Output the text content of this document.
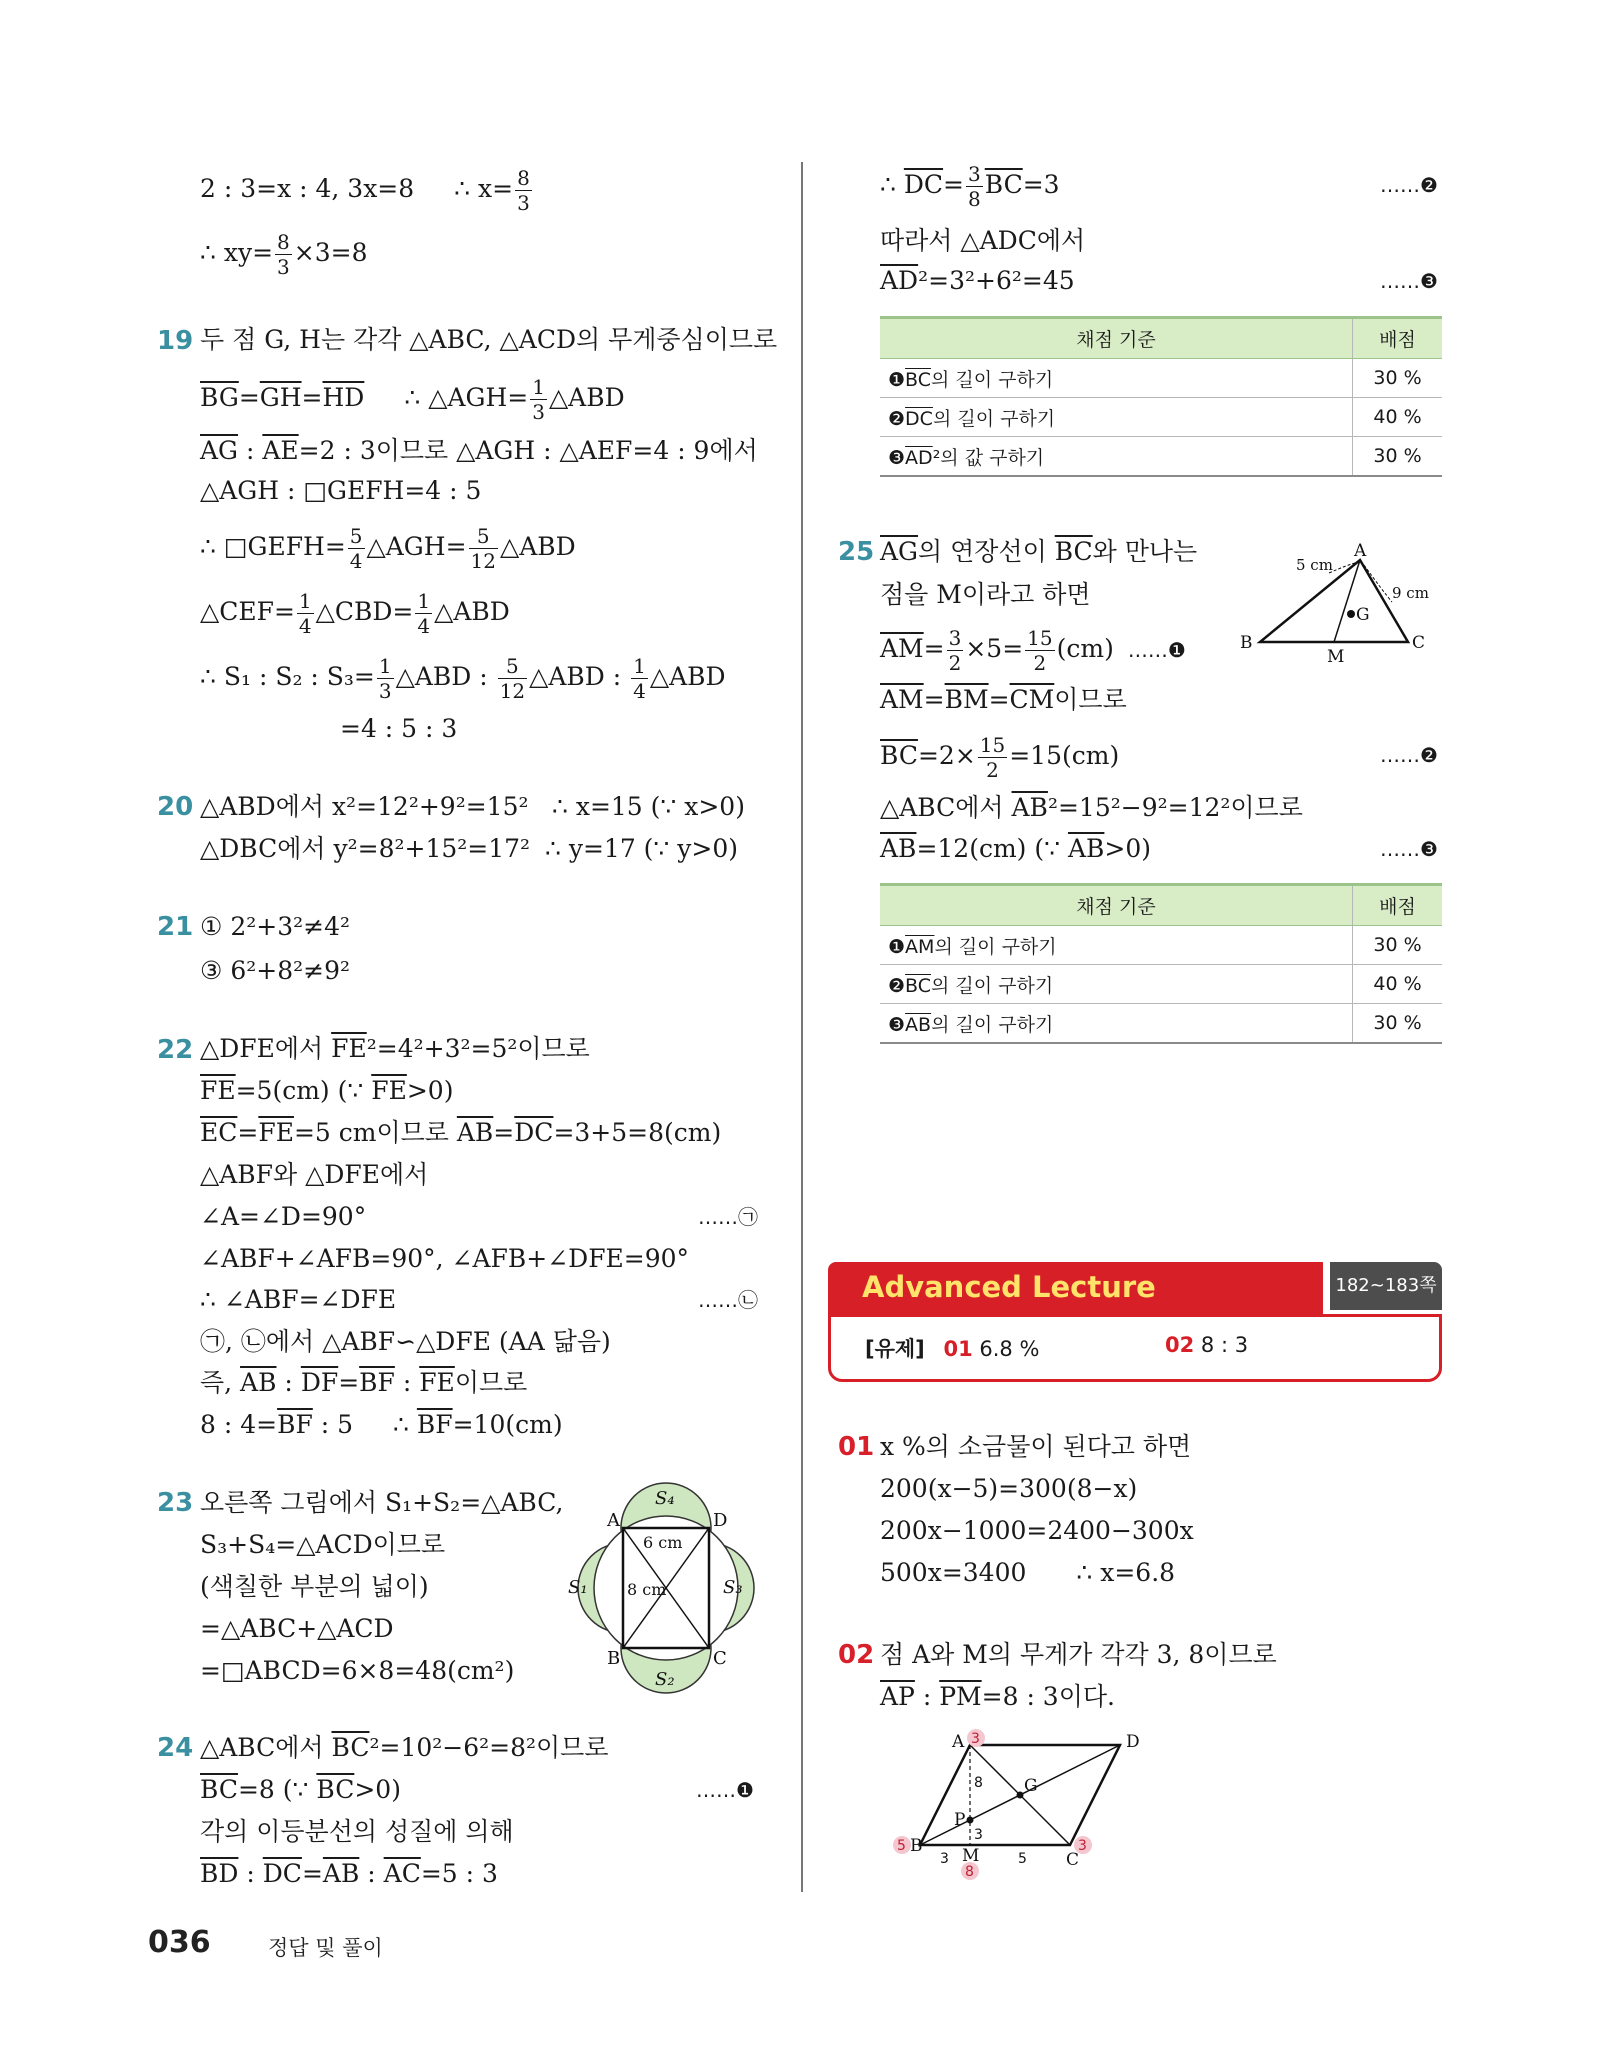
2 : 3=x : 4, 3x=8 ∴ $x= \frac{8}{3}$
∴ $xy= \frac{8}{3} \times 3=8$
19 두 점 G, H는 각각 △ABC, △ACD의 무게중심이므로
$\overline{BG}=\overline{GH}=\overline{HD}$ ∴ △AGH= $\frac{1}{3}$ △ABD
$\overline{AG}$ : $\overline{AE}=2$ : 3이므로 △AGH : △AEF=4 : 9에서
△AGH : □GEFH=4 : 5
∴ □GEFH= $\frac{5}{4}$ △AGH= $\frac{5}{12}$ △ABD
△CEF= $\frac{1}{4}$ △CBD= $\frac{1}{4}$ △ABD
∴ S₁ : S₂ : $S_3= \frac{1}{3}$ △ABD : $\frac{5}{12}$ △ABD : $\frac{1}{4}$ △ABD
=4 : 5 : 3
20 △ABD에서 x²=12²+9²=15² ∴ x=15 (∵ x>0)
△DBC에서 y²=8²+15²=17² ∴ y=17 (∵ y>0)
21 ① 2²+3²≠4²
③ 6²+8²≠9²
22 △DFE에서 $\overline{FE}^2=4^2+3^2=5^2$이므로
$\overline{FE}=5(cm)$ (∵ $\overline{FE}>0$)
$\overline{EC}=\overline{FE}=5$ cm이므로 $\overline{AB}=\overline{DC}=3+5=8(cm)$
△ABF와 △DFE에서
∠A=∠D=90°	……㉠
∠ABF+∠AFB=90°, ∠AFB+∠DFE=90°
∴ ∠ABF=∠DFE	……㉡
㉠, ㉡에서 △ABF∽△DFE (AA 닮음)
즉, $\overline{AB}$ : $\overline{DF}=\overline{BF}$ : $\overline{FE}$이므로
8 : $4=\overline{BF}$ : 5 ∴ $\overline{BF}=10(cm)$
23 오른쪽 그림에서 S₁+S₂=△ABC,
S₃+S₄=△ACD이므로
(색칠한 부분의 넓이)
=△ABC+△ACD
=□ABCD=6×8=48(cm²)
A	D
B	C
S₄
S₂
S₁	S₃
6 cm
8 cm
24 △ABC에서 $\overline{BC}^2=10^2-6^2=8^2$이므로
$\overline{BC}=8$ (∵ $\overline{BC}>0$)	……❶
각의 이등분선의 성질에 의해
$\overline{BD}$ : $\overline{DC}=\overline{AB}$ : $\overline{AC}=5$ : 3
∴ $\overline{DC}= \frac{3}{8} \overline{BC}=3$	……❷
따라서 △ADC에서
$\overline{AD}^2=3^2+6^2=45$	……❸
채점 기준	배점
$❶\overline{BC}$의 길이 구하기	30 %
$❷\overline{DC}$의 길이 구하기	40 %
$❸\overline{AD}^2$의 값 구하기	30 %
25 $\overline{AG}$의 연장선이 $\overline{BC}$와 만나는
점을 M이라고 하면
$\overline{AM}= \frac{3}{2} \times 5= \frac{15}{2} (cm)$ ……❶
$\overline{AM}=\overline{BM}=\overline{CM}$이므로
$\overline{BC}=2\times \frac{15}{2} =15(cm)$	……❷
△ABC에서 $\overline{AB}^2=15^2-9^2=12^2$이므로
$\overline{AB}=12(cm)$ (∵ $\overline{AB}>0$)	……❸
A
B	C
M
G
5 cm
9 cm
채점 기준	배점
$❶\overline{AM}$의 길이 구하기	30 %
$❷\overline{BC}$의 길이 구하기	40 %
$❸\overline{AB}$의 길이 구하기	30 %
Advanced Lecture	182~183쪽
[유제] 01 6.8 %	02 8 : 3
01 x %의 소금물이 된다고 하면
200(x−5)=300(8−x)
200x−1000=2400−300x
500x=3400 ∴ x=6.8
02 점 A와 M의 무게가 각각 3, 8이므로
$\overline{AP}$ : $\overline{PM}=8$ : 3이다.
A	D
B
C
M
P
G
3
5	3
8
8
3
3	5
036	정답 및 풀이
